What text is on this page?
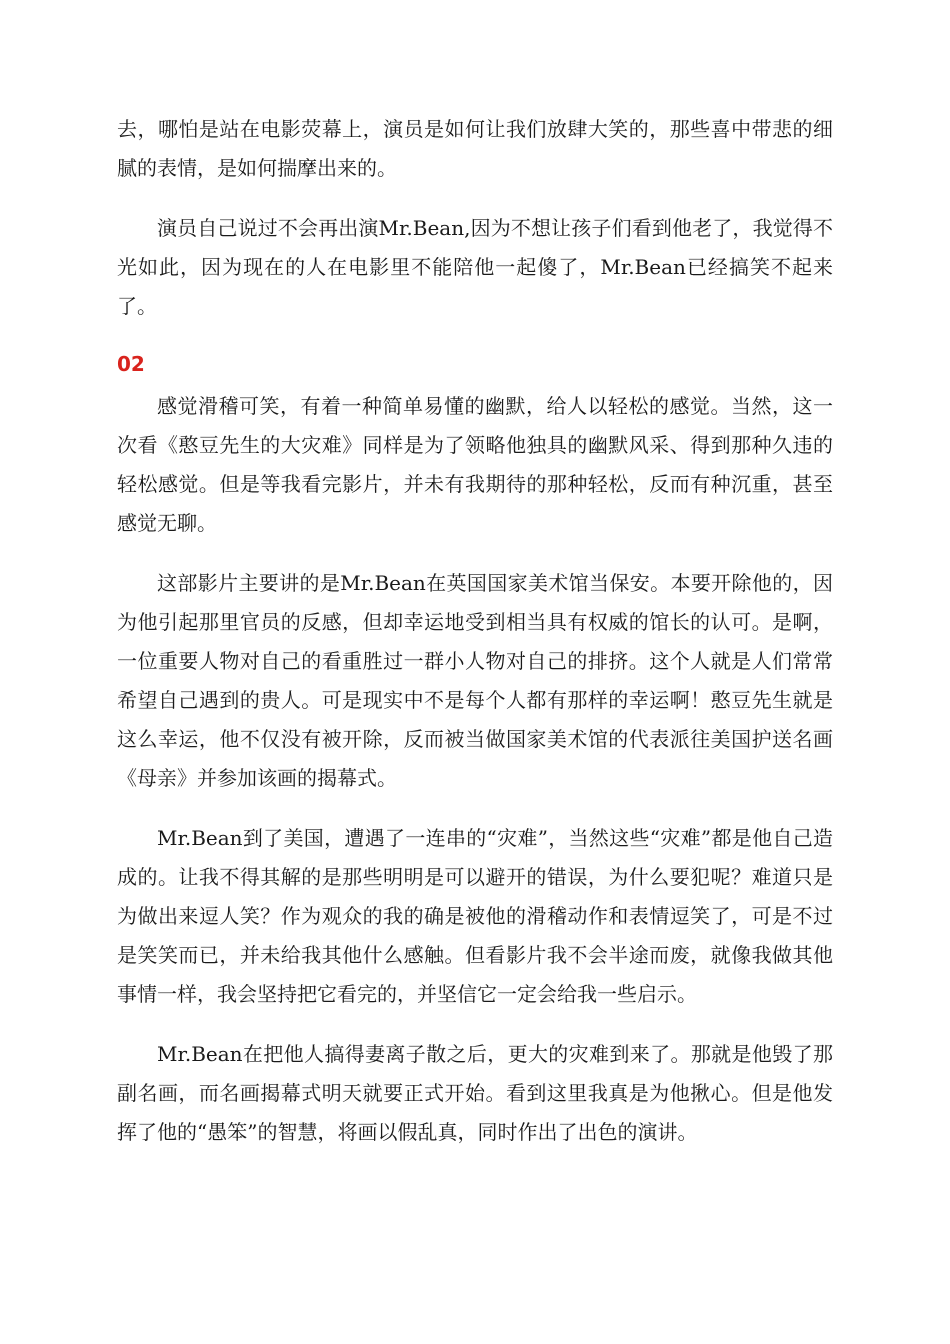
去，哪怕是站在电影荧幕上，演员是如何让我们放肆大笑的，那些喜中带悲的细腻的表情，是如何揣摩出来的。

演员自己说过不会再出演Mr.Bean,因为不想让孩子们看到他老了，我觉得不光如此，因为现在的人在电影里不能陪他一起傻了，Mr.Bean已经搞笑不起来了。

02

感觉滑稽可笑，有着一种简单易懂的幽默，给人以轻松的感觉。当然，这一次看《憨豆先生的大灾难》同样是为了领略他独具的幽默风采、得到那种久违的轻松感觉。但是等我看完影片，并未有我期待的那种轻松，反而有种沉重，甚至感觉无聊。

这部影片主要讲的是Mr.Bean在英国国家美术馆当保安。本要开除他的，因为他引起那里官员的反感，但却幸运地受到相当具有权威的馆长的认可。是啊，一位重要人物对自己的看重胜过一群小人物对自己的排挤。这个人就是人们常常希望自己遇到的贵人。可是现实中不是每个人都有那样的幸运啊！憨豆先生就是这么幸运，他不仅没有被开除，反而被当做国家美术馆的代表派往美国护送名画《母亲》并参加该画的揭幕式。

Mr.Bean到了美国，遭遇了一连串的“灾难”，当然这些“灾难”都是他自己造成的。让我不得其解的是那些明明是可以避开的错误，为什么要犯呢？难道只是为做出来逗人笑？作为观众的我的确是被他的滑稽动作和表情逗笑了，可是不过是笑笑而已，并未给我其他什么感触。但看影片我不会半途而废，就像我做其他事情一样，我会坚持把它看完的，并坚信它一定会给我一些启示。

Mr.Bean在把他人搞得妻离子散之后，更大的灾难到来了。那就是他毁了那副名画，而名画揭幕式明天就要正式开始。看到这里我真是为他揪心。但是他发挥了他的“愚笨”的智慧，将画以假乱真，同时作出了出色的演讲。
